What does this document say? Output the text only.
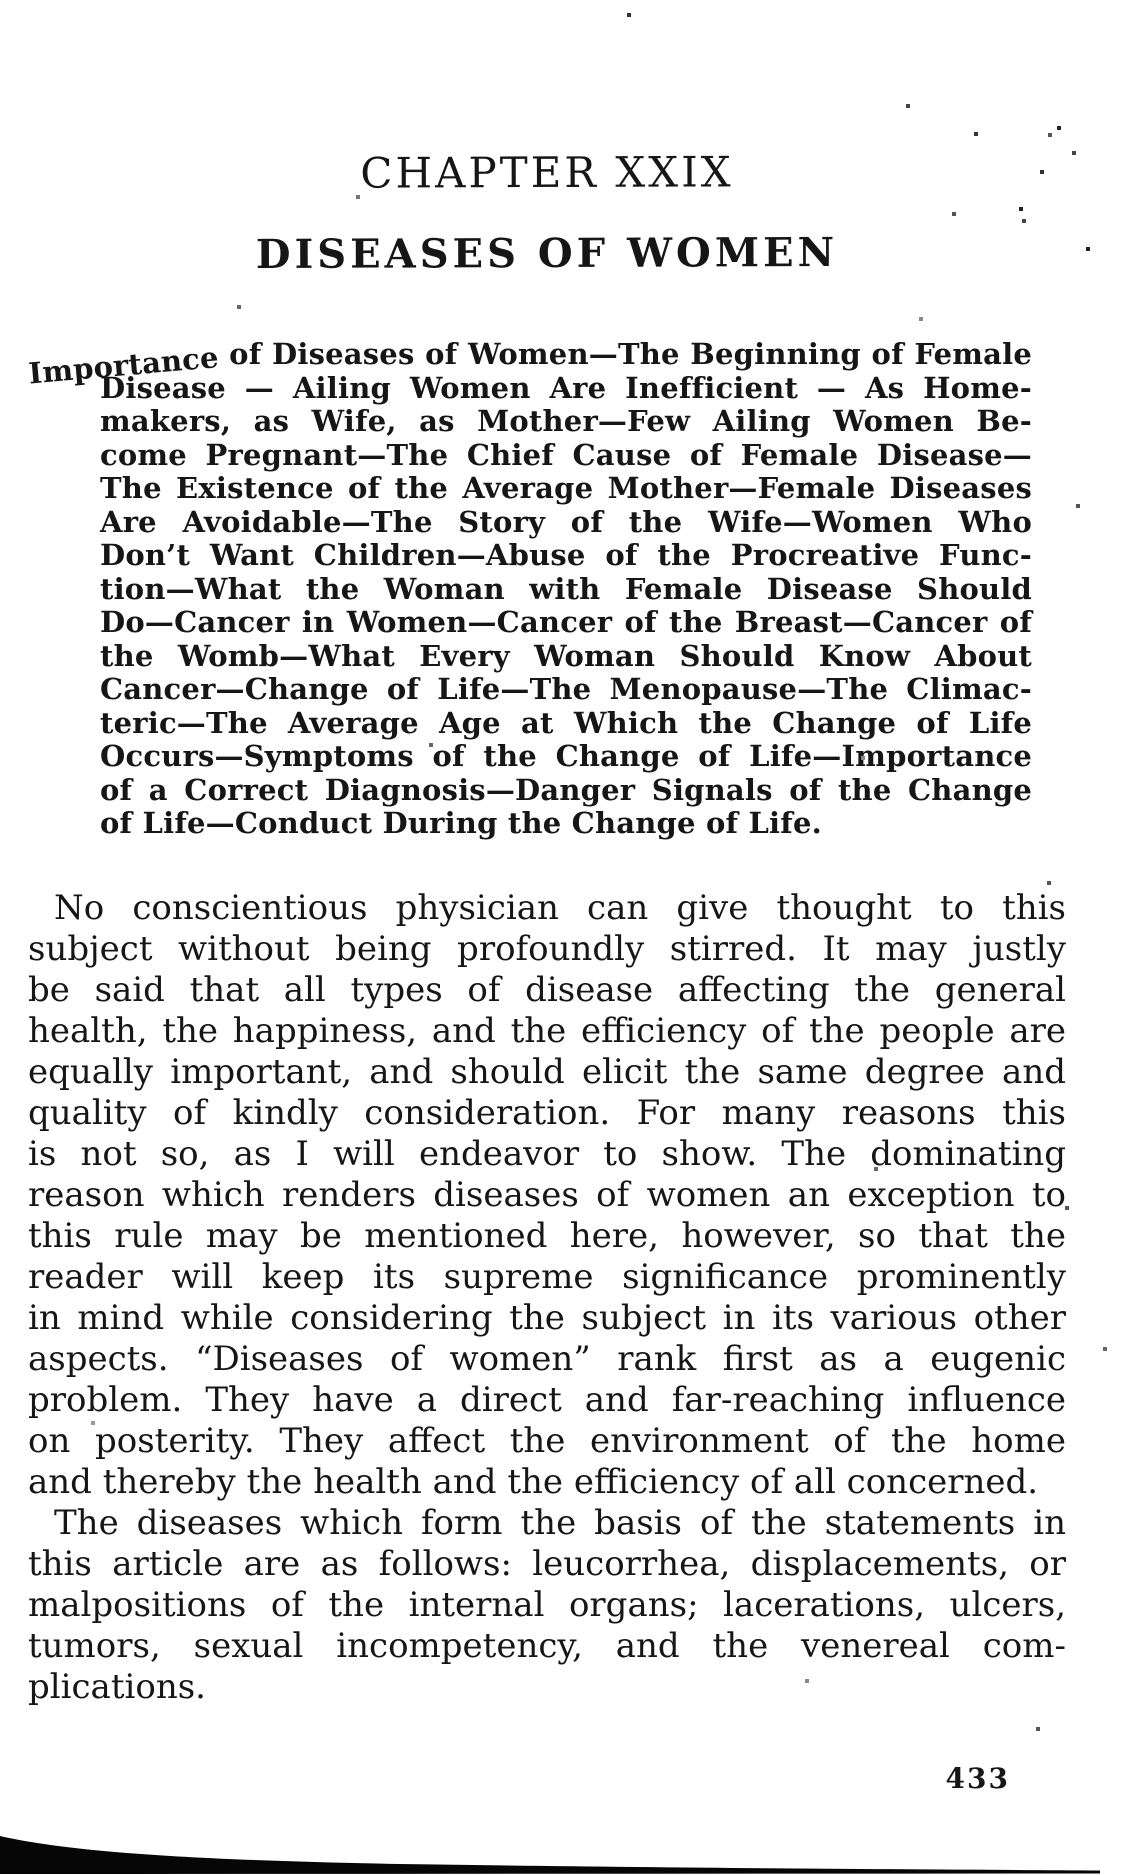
CHAPTER XXIX
DISEASES OF WOMEN
Importance of Diseases of Women—The Beginning of Female
Disease — Ailing Women Are Inefficient — As Home-
makers, as Wife, as Mother—Few Ailing Women Be-
come Pregnant—The Chief Cause of Female Disease—
The Existence of the Average Mother—Female Diseases
Are Avoidable—The Story of the Wife—Women Who
Don’t Want Children—Abuse of the Procreative Func-
tion—What the Woman with Female Disease Should
Do—Cancer in Women—Cancer of the Breast—Cancer of
the Womb—What Every Woman Should Know About
Cancer—Change of Life—The Menopause—The Climac-
teric—The Average Age at Which the Change of Life
Occurs—Symptoms of the Change of Life—Importance
of a Correct Diagnosis—Danger Signals of the Change
of Life—Conduct During the Change of Life.
No conscientious physician can give thought to this
subject without being profoundly stirred. It may justly
be said that all types of disease affecting the general
health, the happiness, and the efficiency of the people are
equally important, and should elicit the same degree and
quality of kindly consideration. For many reasons this
is not so, as I will endeavor to show. The dominating
reason which renders diseases of women an exception to
this rule may be mentioned here, however, so that the
reader will keep its supreme significance prominently
in mind while considering the subject in its various other
aspects. “Diseases of women” rank first as a eugenic
problem. They have a direct and far-reaching influence
on posterity. They affect the environment of the home
and thereby the health and the efficiency of all concerned.
The diseases which form the basis of the statements in
this article are as follows: leucorrhea, displacements, or
malpositions of the internal organs; lacerations, ulcers,
tumors, sexual incompetency, and the venereal com-
plications.
433
